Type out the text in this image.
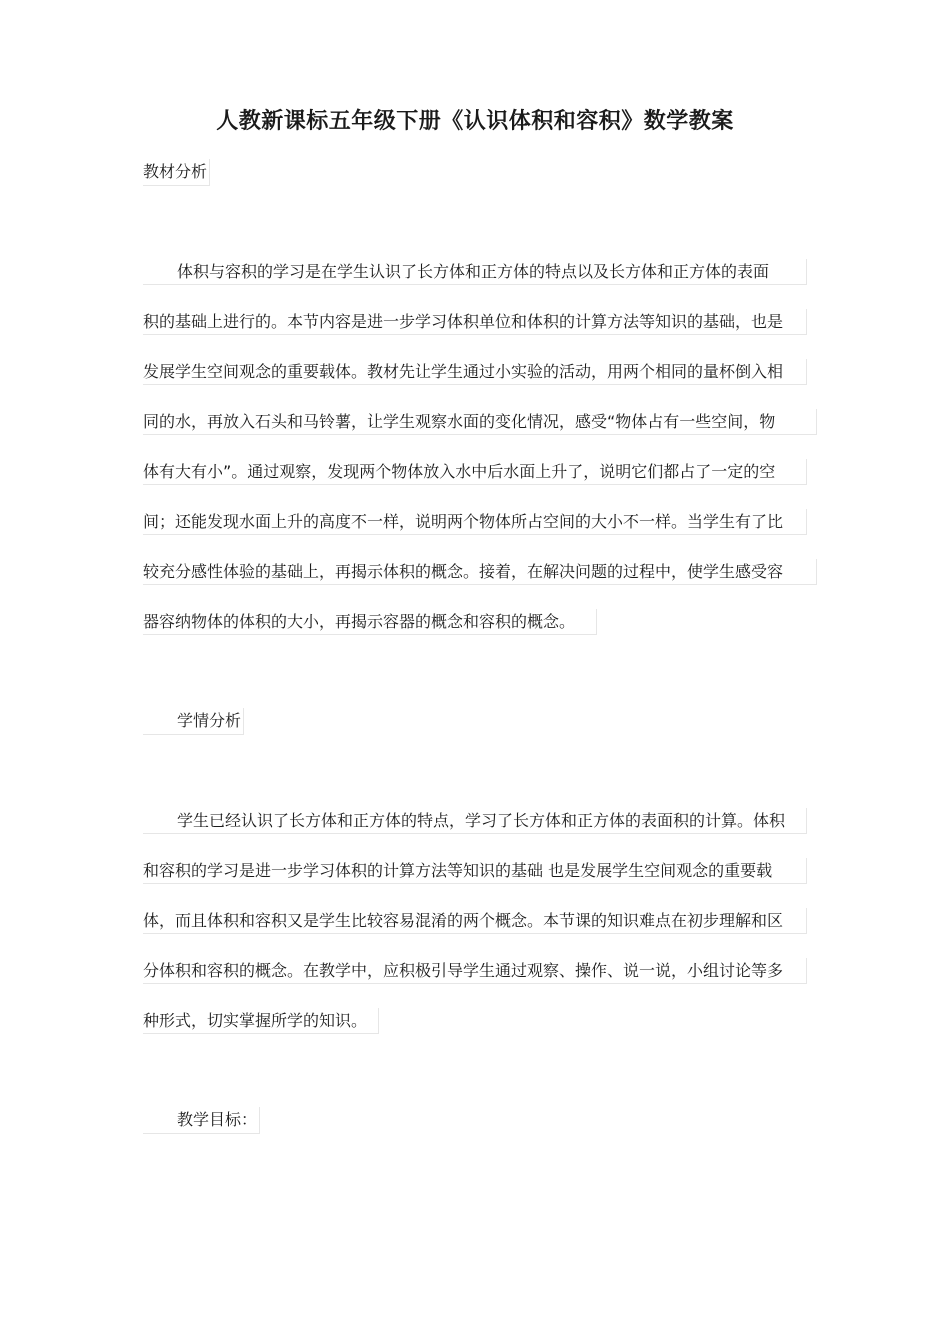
人教新课标五年级下册《认识体积和容积》数学教案
教材分析
体积与容积的学习是在学生认识了长方体和正方体的特点以及长方体和正方体的表面
积的基础上进行的。本节内容是进一步学习体积单位和体积的计算方法等知识的基础，也是
发展学生空间观念的重要载体。教材先让学生通过小实验的活动，用两个相同的量杯倒入相
同的水，再放入石头和马铃薯，让学生观察水面的变化情况，感受“物体占有一些空间，物
体有大有小”。通过观察，发现两个物体放入水中后水面上升了，说明它们都占了一定的空
间；还能发现水面上升的高度不一样，说明两个物体所占空间的大小不一样。当学生有了比
较充分感性体验的基础上，再揭示体积的概念。接着，在解决问题的过程中，使学生感受容
器容纳物体的体积的大小，再揭示容器的概念和容积的概念。
学情分析
学生已经认识了长方体和正方体的特点，学习了长方体和正方体的表面积的计算。体积
和容积的学习是进一步学习体积的计算方法等知识的基础 也是发展学生空间观念的重要载
体，而且体积和容积又是学生比较容易混淆的两个概念。本节课的知识难点在初步理解和区
分体积和容积的概念。在教学中，应积极引导学生通过观察、操作、说一说，小组讨论等多
种形式，切实掌握所学的知识。
教学目标：
